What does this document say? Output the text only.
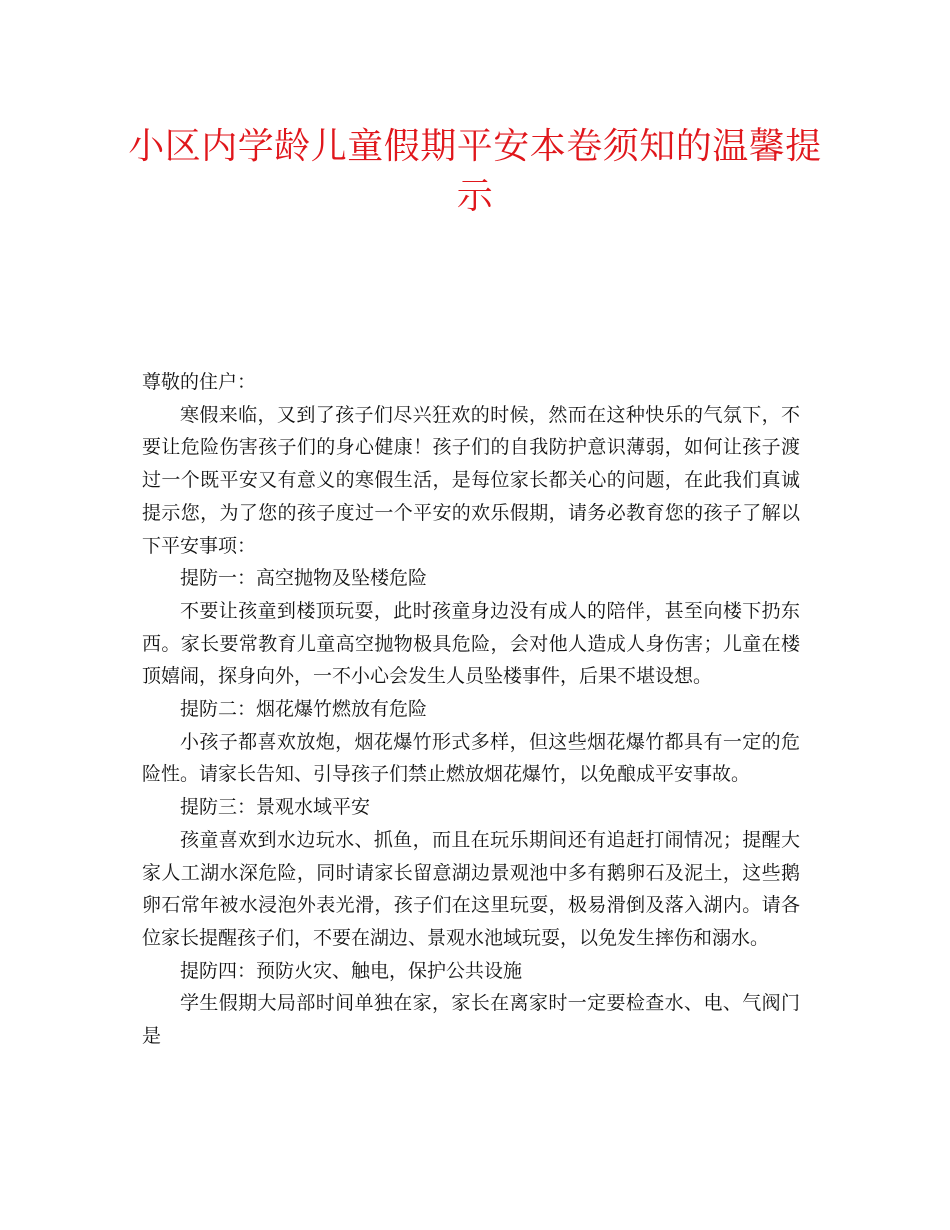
小区内学龄儿童假期平安本卷须知的温馨提示

尊敬的住户：

寒假来临，又到了孩子们尽兴狂欢的时候，然而在这种快乐的气氛下，不要让危险伤害孩子们的身心健康！孩子们的自我防护意识薄弱，如何让孩子渡过一个既平安又有意义的寒假生活，是每位家长都关心的问题，在此我们真诚提示您，为了您的孩子度过一个平安的欢乐假期，请务必教育您的孩子了解以下平安事项：

提防一：高空抛物及坠楼危险

不要让孩童到楼顶玩耍，此时孩童身边没有成人的陪伴，甚至向楼下扔东西。家长要常教育儿童高空抛物极具危险，会对他人造成人身伤害；儿童在楼顶嬉闹，探身向外，一不小心会发生人员坠楼事件，后果不堪设想。

提防二：烟花爆竹燃放有危险

小孩子都喜欢放炮，烟花爆竹形式多样，但这些烟花爆竹都具有一定的危险性。请家长告知、引导孩子们禁止燃放烟花爆竹，以免酿成平安事故。

提防三：景观水域平安

孩童喜欢到水边玩水、抓鱼，而且在玩乐期间还有追赶打闹情况；提醒大家人工湖水深危险，同时请家长留意湖边景观池中多有鹅卵石及泥土，这些鹅卵石常年被水浸泡外表光滑，孩子们在这里玩耍，极易滑倒及落入湖内。请各位家长提醒孩子们，不要在湖边、景观水池域玩耍，以免发生摔伤和溺水。

提防四：预防火灾、触电，保护公共设施

学生假期大局部时间单独在家，家长在离家时一定要检查水、电、气阀门是
